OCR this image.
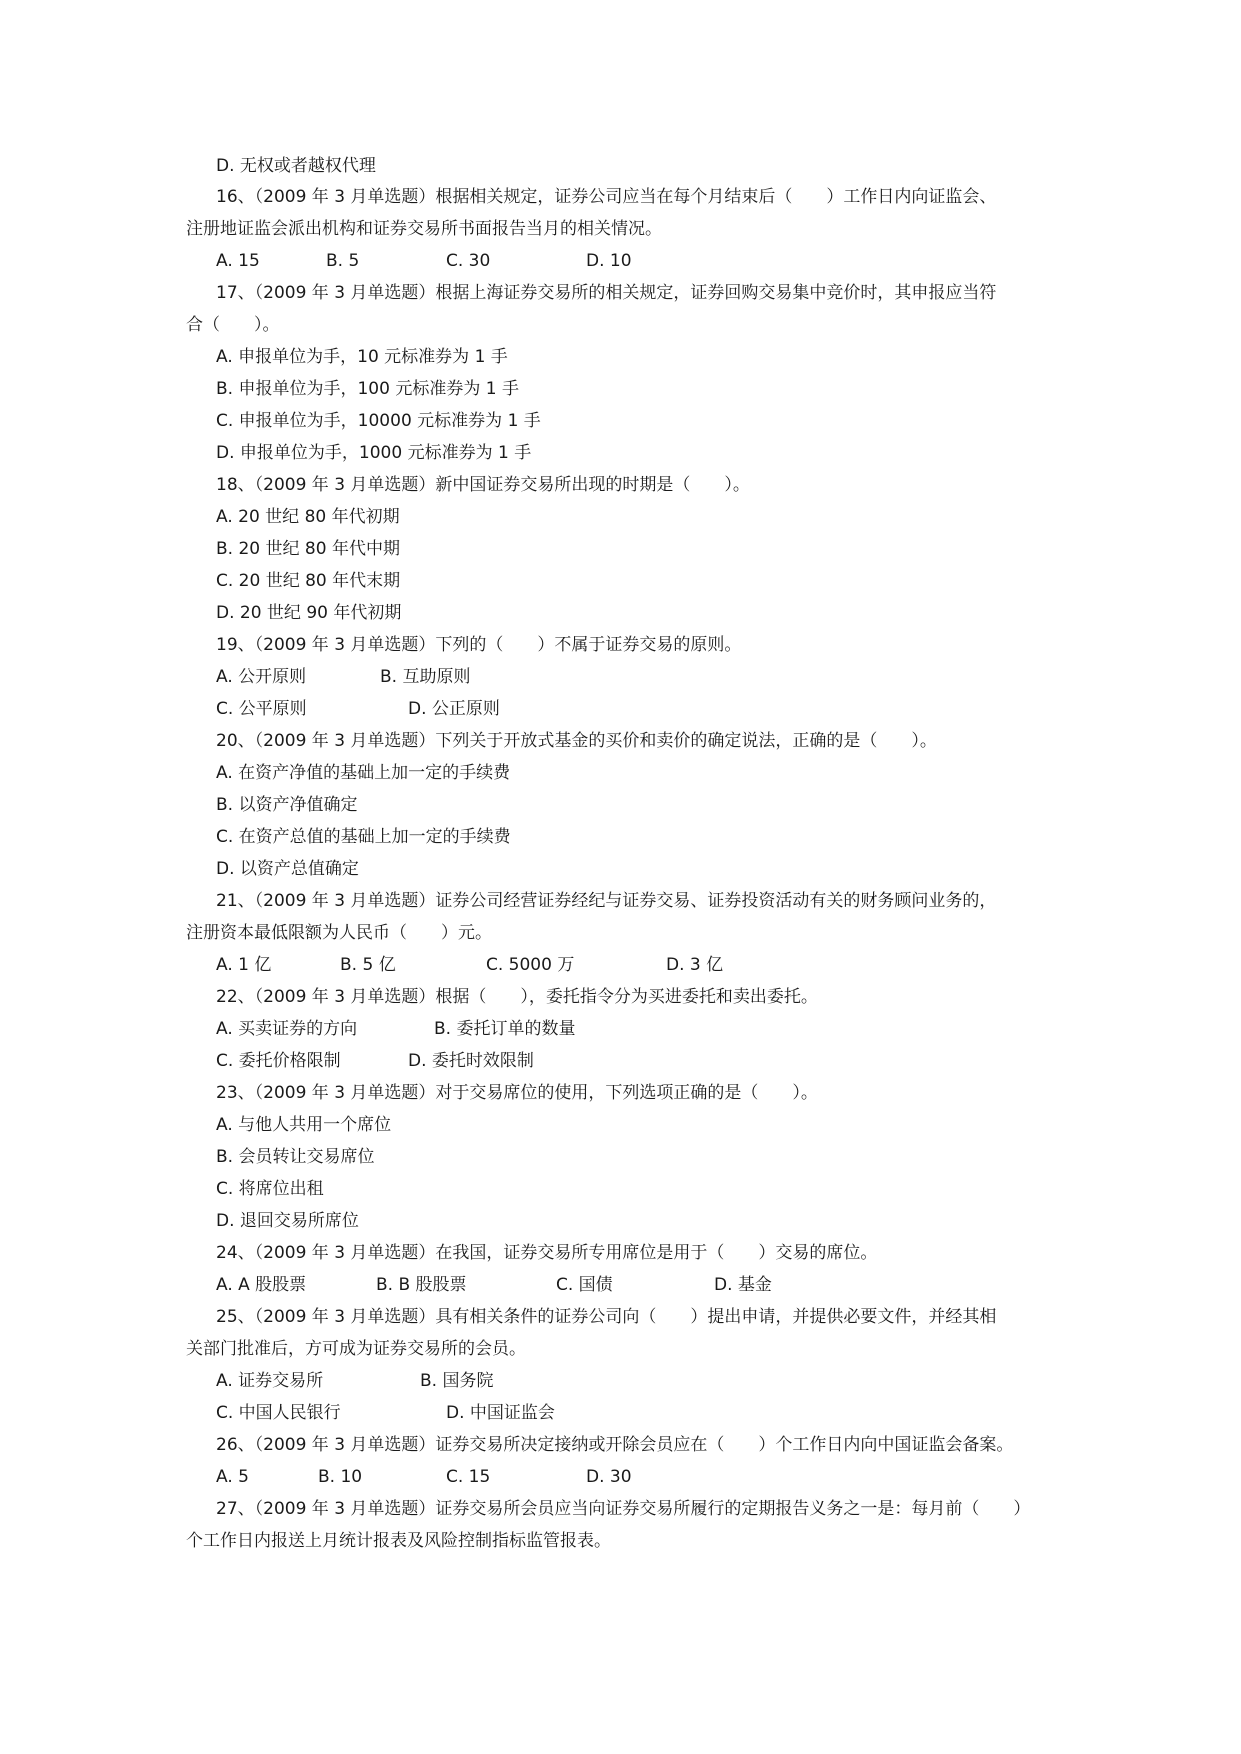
D. 无权或者越权代理
16、（2009 年 3 月单选题）根据相关规定，证券公司应当在每个月结束后（　　）工作日内向证监会、
注册地证监会派出机构和证券交易所书面报告当月的相关情况。
A. 15	B. 5	C. 30	D. 10
17、（2009 年 3 月单选题）根据上海证券交易所的相关规定，证券回购交易集中竞价时，其申报应当符
合（　　）。
A. 申报单位为手，10 元标准券为 1 手
B. 申报单位为手，100 元标准券为 1 手
C. 申报单位为手，10000 元标准券为 1 手
D. 申报单位为手，1000 元标准券为 1 手
18、（2009 年 3 月单选题）新中国证券交易所出现的时期是（　　）。
A. 20 世纪 80 年代初期
B. 20 世纪 80 年代中期
C. 20 世纪 80 年代末期
D. 20 世纪 90 年代初期
19、（2009 年 3 月单选题）下列的（　　）不属于证券交易的原则。
A. 公开原则	B. 互助原则
C. 公平原则	D. 公正原则
20、（2009 年 3 月单选题）下列关于开放式基金的买价和卖价的确定说法，正确的是（　　）。
A. 在资产净值的基础上加一定的手续费
B. 以资产净值确定
C. 在资产总值的基础上加一定的手续费
D. 以资产总值确定
21、（2009 年 3 月单选题）证券公司经营证券经纪与证券交易、证券投资活动有关的财务顾问业务的，
注册资本最低限额为人民币（　　）元。
A. 1 亿	B. 5 亿	C. 5000 万	D. 3 亿
22、（2009 年 3 月单选题）根据（　　），委托指令分为买进委托和卖出委托。
A. 买卖证券的方向	B. 委托订单的数量
C. 委托价格限制	D. 委托时效限制
23、（2009 年 3 月单选题）对于交易席位的使用，下列选项正确的是（　　）。
A. 与他人共用一个席位
B. 会员转让交易席位
C. 将席位出租
D. 退回交易所席位
24、（2009 年 3 月单选题）在我国，证券交易所专用席位是用于（　　）交易的席位。
A. A 股股票	B. B 股股票	C. 国债	D. 基金
25、（2009 年 3 月单选题）具有相关条件的证券公司向（　　）提出申请，并提供必要文件，并经其相
关部门批准后，方可成为证券交易所的会员。
A. 证券交易所	B. 国务院
C. 中国人民银行	D. 中国证监会
26、（2009 年 3 月单选题）证券交易所决定接纳或开除会员应在（　　）个工作日内向中国证监会备案。
A. 5	B. 10	C. 15	D. 30
27、（2009 年 3 月单选题）证券交易所会员应当向证券交易所履行的定期报告义务之一是：每月前（　　）
个工作日内报送上月统计报表及风险控制指标监管报表。
